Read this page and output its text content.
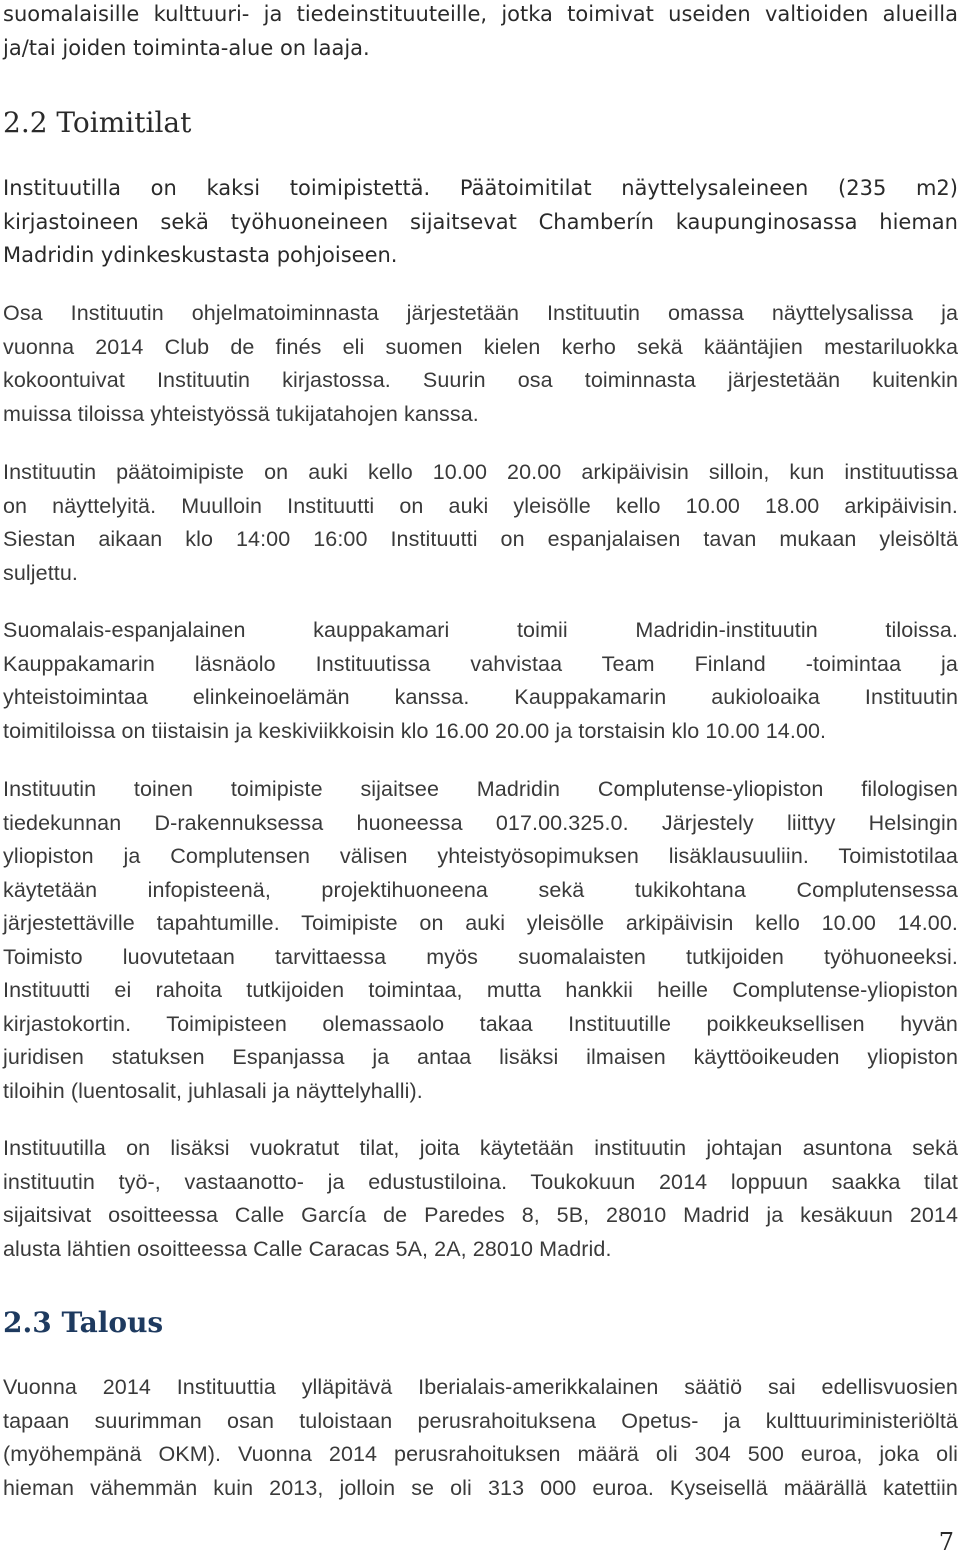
suomalaisille kulttuuri- ja tiedeinstituuteille, jotka toimivat useiden valtioiden alueilla
ja/tai joiden toiminta-alue on laaja.
2.2 Toimitilat
Instituutilla on kaksi toimipistettä. Päätoimitilat näyttelysaleineen (235 m2)
kirjastoineen sekä työhuoneineen sijaitsevat Chamberín kaupunginosassa hieman
Madridin ydinkeskustasta pohjoiseen.
Osa Instituutin ohjelmatoiminnasta järjestetään Instituutin omassa näyttelysalissa ja
vuonna 2014 Club de finés eli suomen kielen kerho sekä kääntäjien mestariluokka
kokoontuivat Instituutin kirjastossa. Suurin osa toiminnasta järjestetään kuitenkin
muissa tiloissa yhteistyössä tukijatahojen kanssa.
Instituutin päätoimipiste on auki kello 10.00 20.00 arkipäivisin silloin, kun instituutissa
on näyttelyitä. Muulloin Instituutti on auki yleisölle kello 10.00 18.00 arkipäivisin.
Siestan aikaan klo 14:00 16:00 Instituutti on espanjalaisen tavan mukaan yleisöltä
suljettu.
Suomalais-espanjalainen kauppakamari toimii Madridin-instituutin tiloissa.
Kauppakamarin läsnäolo Instituutissa vahvistaa Team Finland -toimintaa ja
yhteistoimintaa elinkeinoelämän kanssa. Kauppakamarin aukioloaika Instituutin
toimitiloissa on tiistaisin ja keskiviikkoisin klo 16.00 20.00 ja torstaisin klo 10.00 14.00.
Instituutin toinen toimipiste sijaitsee Madridin Complutense-yliopiston filologisen
tiedekunnan D-rakennuksessa huoneessa 017.00.325.0. Järjestely liittyy Helsingin
yliopiston ja Complutensen välisen yhteistyösopimuksen lisäklausuuliin. Toimistotilaa
käytetään infopisteenä, projektihuoneena sekä tukikohtana Complutensessa
järjestettäville tapahtumille. Toimipiste on auki yleisölle arkipäivisin kello 10.00 14.00.
Toimisto luovutetaan tarvittaessa myös suomalaisten tutkijoiden työhuoneeksi.
Instituutti ei rahoita tutkijoiden toimintaa, mutta hankkii heille Complutense-yliopiston
kirjastokortin. Toimipisteen olemassaolo takaa Instituutille poikkeuksellisen hyvän
juridisen statuksen Espanjassa ja antaa lisäksi ilmaisen käyttöoikeuden yliopiston
tiloihin (luentosalit, juhlasali ja näyttelyhalli).
Instituutilla on lisäksi vuokratut tilat, joita käytetään instituutin johtajan asuntona sekä
instituutin työ-, vastaanotto- ja edustustiloina. Toukokuun 2014 loppuun saakka tilat
sijaitsivat osoitteessa Calle García de Paredes 8, 5B, 28010 Madrid ja kesäkuun 2014
alusta lähtien osoitteessa Calle Caracas 5A, 2A, 28010 Madrid.
2.3 Talous
Vuonna 2014 Instituuttia ylläpitävä Iberialais-amerikkalainen säätiö sai edellisvuosien
tapaan suurimman osan tuloistaan perusrahoituksena Opetus- ja kulttuuriministeriöltä
(myöhempänä OKM). Vuonna 2014 perusrahoituksen määrä oli 304 500 euroa, joka oli
hieman vähemmän kuin 2013, jolloin se oli 313 000 euroa. Kyseisellä määrällä katettiin
7
